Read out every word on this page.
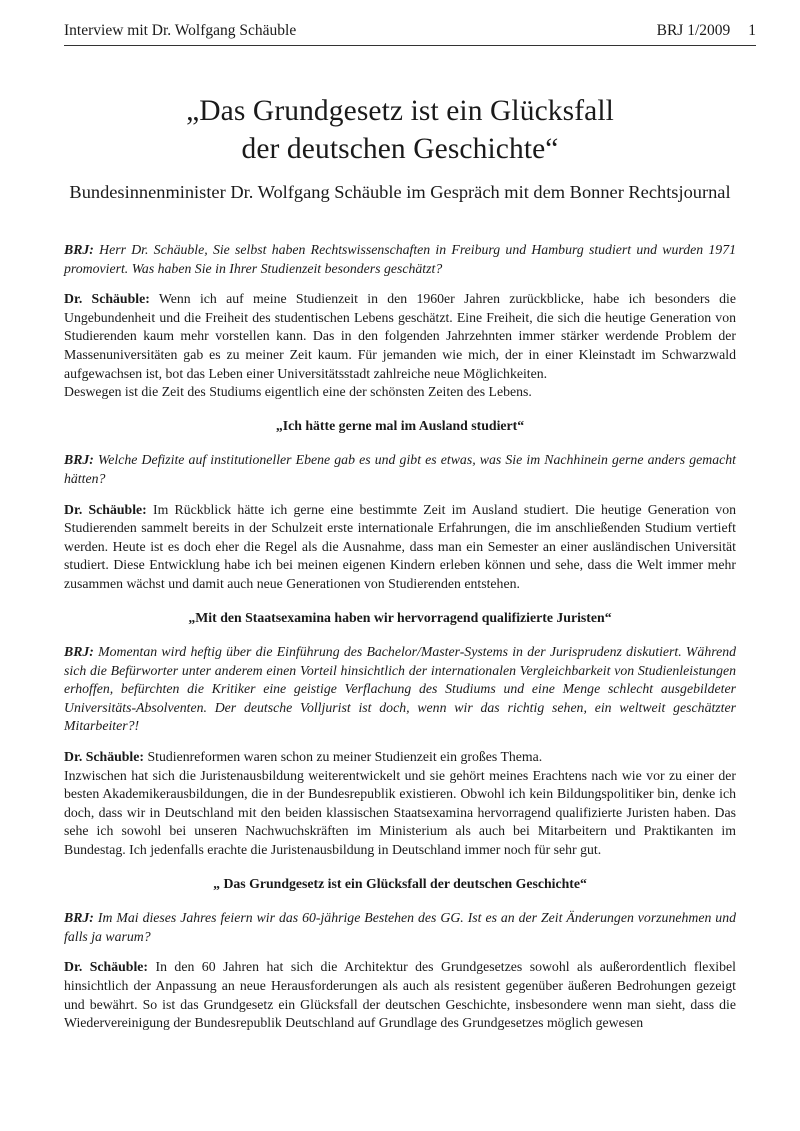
Interview mit Dr. Wolfgang Schäuble	BRJ 1/2009 1
„Das Grundgesetz ist ein Glücksfall
der deutschen Geschichte“
Bundesinnenminister Dr. Wolfgang Schäuble im Gespräch mit dem Bonner Rechtsjournal

BRJ: Herr Dr. Schäuble, Sie selbst haben Rechtswissenschaften in Freiburg und Hamburg studiert und wurden 1971 promoviert. Was haben Sie in Ihrer Studienzeit besonders geschätzt?

Dr. Schäuble: Wenn ich auf meine Studienzeit in den 1960er Jahren zurückblicke, habe ich besonders die Ungebundenheit und die Freiheit des studentischen Lebens geschätzt. Eine Freiheit, die sich die heutige Generation von Studierenden kaum mehr vorstellen kann. Das in den folgenden Jahrzehnten immer stärker werdende Problem der Massenuniversitäten gab es zu meiner Zeit kaum. Für jemanden wie mich, der in einer Kleinstadt im Schwarzwald aufgewachsen ist, bot das Leben einer Universitätsstadt zahlreiche neue Möglichkeiten.
Deswegen ist die Zeit des Studiums eigentlich eine der schönsten Zeiten des Lebens.

„Ich hätte gerne mal im Ausland studiert“

BRJ: Welche Defizite auf institutioneller Ebene gab es und gibt es etwas, was Sie im Nachhinein gerne anders gemacht hätten?

Dr. Schäuble: Im Rückblick hätte ich gerne eine bestimmte Zeit im Ausland studiert. Die heutige Generation von Studierenden sammelt bereits in der Schulzeit erste internationale Erfahrungen, die im anschließenden Studium vertieft werden. Heute ist es doch eher die Regel als die Ausnahme, dass man ein Semester an einer ausländischen Universität studiert. Diese Entwicklung habe ich bei meinen eigenen Kindern erleben können und sehe, dass die Welt immer mehr zusammen wächst und damit auch neue Generationen von Studierenden entstehen.

„Mit den Staatsexamina haben wir hervorragend qualifizierte Juristen“

BRJ: Momentan wird heftig über die Einführung des Bachelor/Master-Systems in der Jurisprudenz diskutiert. Während sich die Befürworter unter anderem einen Vorteil hinsichtlich der internationalen Vergleichbarkeit von Studienleistungen erhoffen, befürchten die Kritiker eine geistige Verflachung des Studiums und eine Menge schlecht ausgebildeter Universitäts-Absolventen. Der deutsche Volljurist ist doch, wenn wir das richtig sehen, ein weltweit geschätzter Mitarbeiter?!

Dr. Schäuble: Studienreformen waren schon zu meiner Studienzeit ein großes Thema.
Inzwischen hat sich die Juristenausbildung weiterentwickelt und sie gehört meines Erachtens nach wie vor zu einer der besten Akademikerausbildungen, die in der Bundesrepublik existieren. Obwohl ich kein Bildungspolitiker bin, denke ich doch, dass wir in Deutschland mit den beiden klassischen Staatsexamina hervorragend qualifizierte Juristen haben. Das sehe ich sowohl bei unseren Nachwuchskräften im Ministerium als auch bei Mitarbeitern und Praktikanten im Bundestag. Ich jedenfalls erachte die Juristenausbildung in Deutschland immer noch für sehr gut.

„ Das Grundgesetz ist ein Glücksfall der deutschen Geschichte“

BRJ: Im Mai dieses Jahres feiern wir das 60-jährige Bestehen des GG. Ist es an der Zeit Änderungen vorzunehmen und falls ja warum?

Dr. Schäuble: In den 60 Jahren hat sich die Architektur des Grundgesetzes sowohl als außerordentlich flexibel hinsichtlich der Anpassung an neue Herausforderungen als auch als resistent gegenüber äußeren Bedrohungen gezeigt und bewährt. So ist das Grundgesetz ein Glücksfall der deutschen Geschichte, insbesondere wenn man sieht, dass die Wiedervereinigung der Bundesrepublik Deutschland auf Grundlage des Grundgesetzes möglich gewesen
